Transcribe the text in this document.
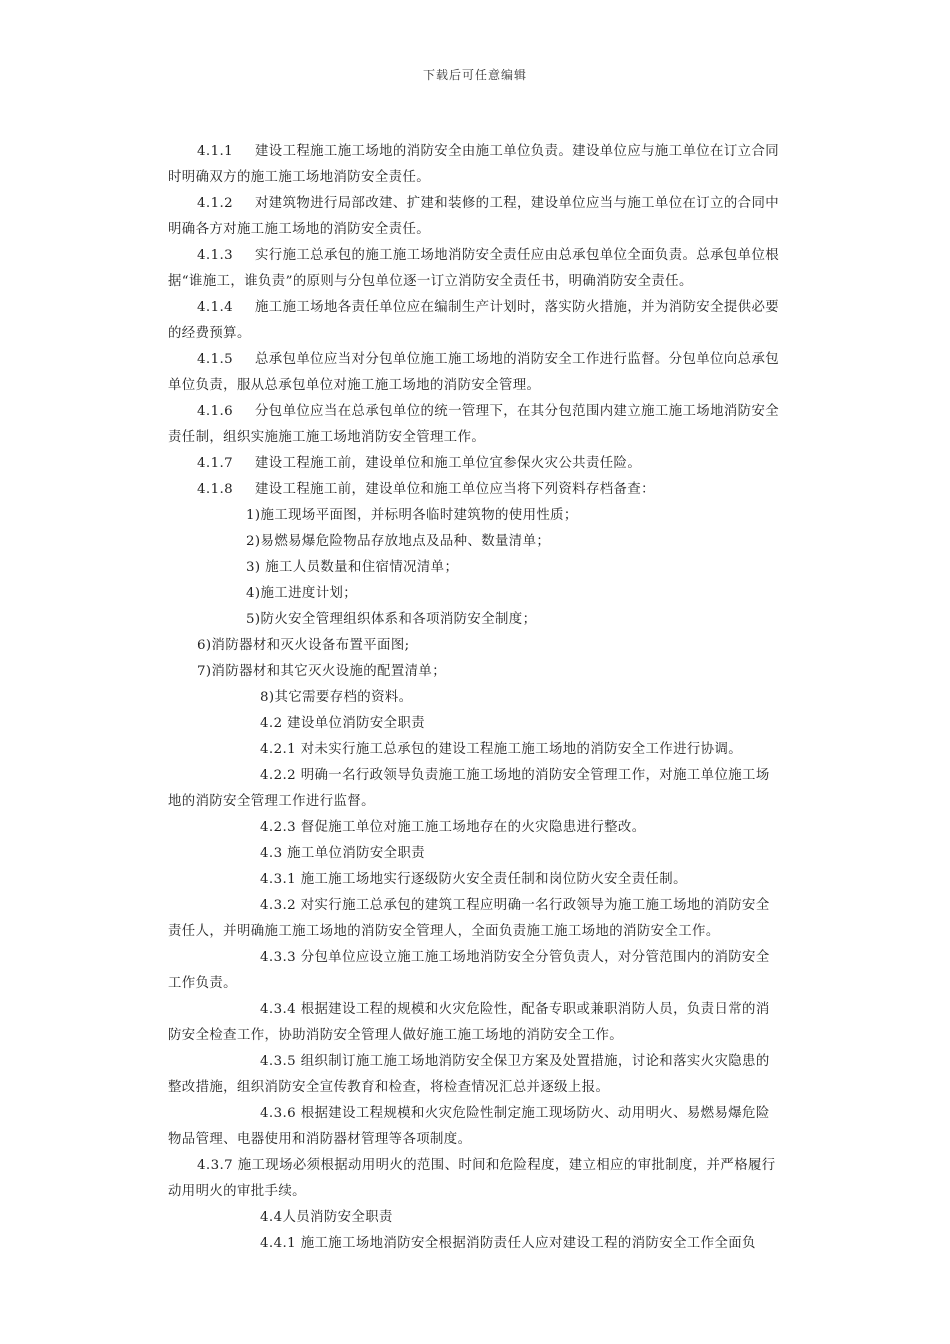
下载后可任意编辑

4.1.1 建设工程施工施工场地的消防安全由施工单位负责。建设单位应与施工单位在订立合同时明确双方的施工施工场地消防安全责任。

4.1.2 对建筑物进行局部改建、扩建和装修的工程，建设单位应当与施工单位在订立的合同中明确各方对施工施工场地的消防安全责任。

4.1.3 实行施工总承包的施工施工场地消防安全责任应由总承包单位全面负责。总承包单位根据“谁施工，谁负责”的原则与分包单位逐一订立消防安全责任书，明确消防安全责任。

4.1.4 施工施工场地各责任单位应在编制生产计划时，落实防火措施，并为消防安全提供必要的经费预算。

4.1.5 总承包单位应当对分包单位施工施工场地的消防安全工作进行监督。分包单位向总承包单位负责，服从总承包单位对施工施工场地的消防安全管理。

4.1.6 分包单位应当在总承包单位的统一管理下，在其分包范围内建立施工施工场地消防安全责任制，组织实施施工施工场地消防安全管理工作。

4.1.7 建设工程施工前，建设单位和施工单位宜参保火灾公共责任险。

4.1.8 建设工程施工前，建设单位和施工单位应当将下列资料存档备查：

1)施工现场平面图，并标明各临时建筑物的使用性质；

2)易燃易爆危险物品存放地点及品种、数量清单；

3) 施工人员数量和住宿情况清单；

4)施工进度计划；

5)防火安全管理组织体系和各项消防安全制度；

6)消防器材和灭火设备布置平面图;

7)消防器材和其它灭火设施的配置清单；

8)其它需要存档的资料。

4.2 建设单位消防安全职责

4.2.1 对未实行施工总承包的建设工程施工施工场地的消防安全工作进行协调。

4.2.2 明确一名行政领导负责施工施工场地的消防安全管理工作，对施工单位施工场地的消防安全管理工作进行监督。

4.2.3 督促施工单位对施工施工场地存在的火灾隐患进行整改。

4.3 施工单位消防安全职责

4.3.1 施工施工场地实行逐级防火安全责任制和岗位防火安全责任制。

4.3.2 对实行施工总承包的建筑工程应明确一名行政领导为施工施工场地的消防安全责任人，并明确施工施工场地的消防安全管理人，全面负责施工施工场地的消防安全工作。

4.3.3 分包单位应设立施工施工场地消防安全分管负责人，对分管范围内的消防安全工作负责。

4.3.4 根据建设工程的规模和火灾危险性，配备专职或兼职消防人员，负责日常的消防安全检查工作，协助消防安全管理人做好施工施工场地的消防安全工作。

4.3.5 组织制订施工施工场地消防安全保卫方案及处置措施，讨论和落实火灾隐患的整改措施，组织消防安全宣传教育和检查，将检查情况汇总并逐级上报。

4.3.6 根据建设工程规模和火灾危险性制定施工现场防火、动用明火、易燃易爆危险物品管理、电器使用和消防器材管理等各项制度。

4.3.7 施工现场必须根据动用明火的范围、时间和危险程度，建立相应的审批制度，并严格履行动用明火的审批手续。

4.4人员消防安全职责

4.4.1 施工施工场地消防安全根据消防责任人应对建设工程的消防安全工作全面负
